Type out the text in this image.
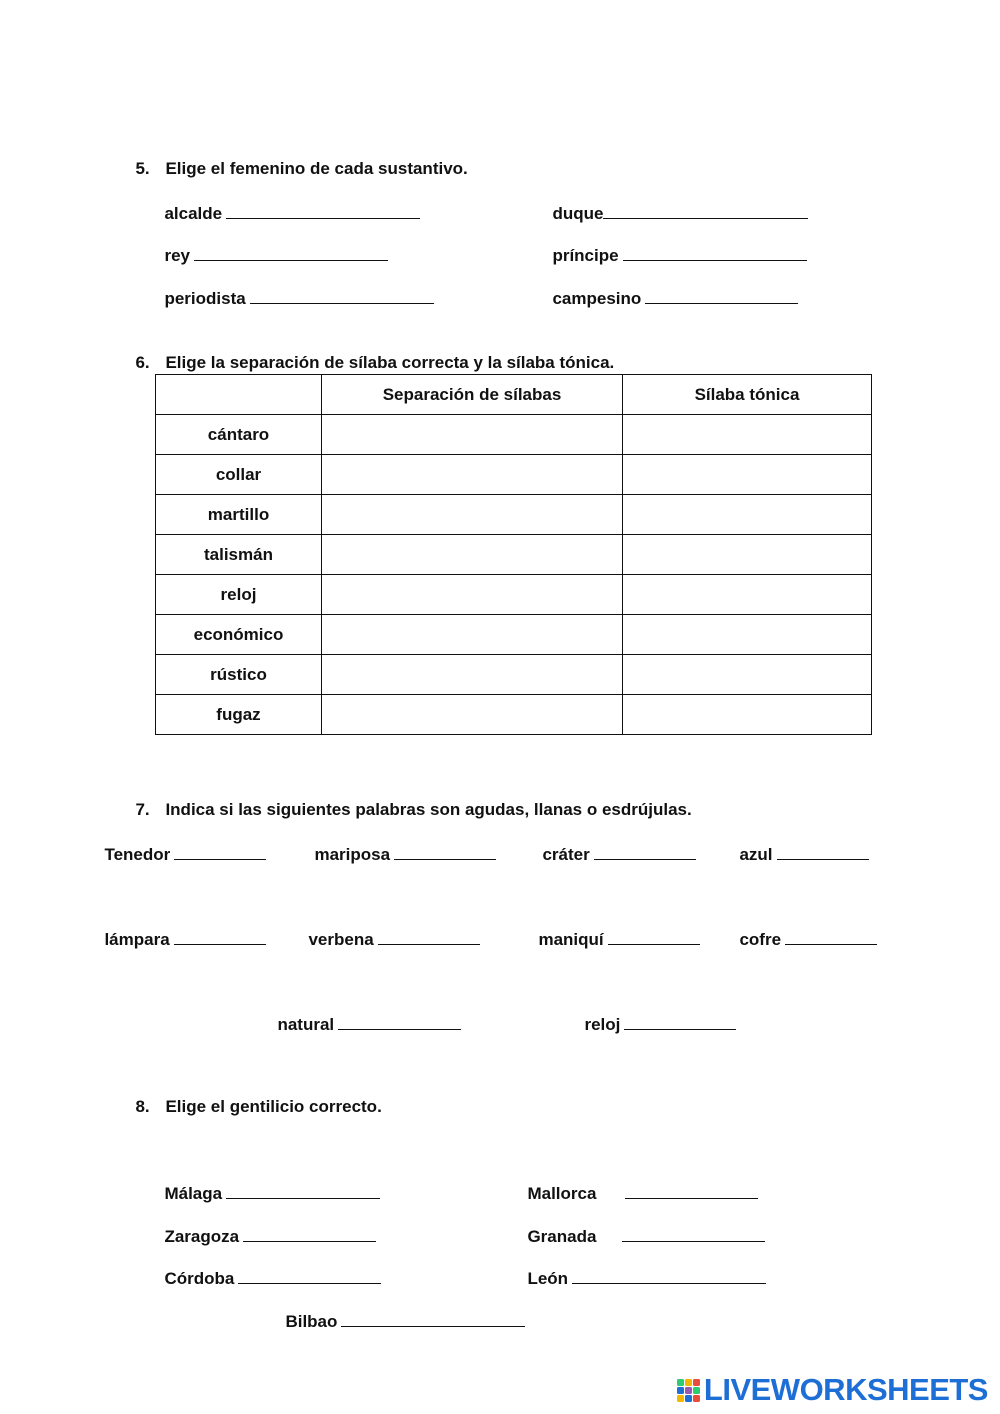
5. Elige el femenino de cada sustantivo.

alcalde

rey

periodista

duque

príncipe

campesino

6. Elige la separación de sílaba correcta y la sílaba tónica.

	Separación de sílabas	Sílaba tónica
cántaro		
collar		
martillo		
talismán		
reloj		
económico		
rústico		
fugaz		

7. Indica si las siguientes palabras son agudas, llanas o esdrújulas.

Tenedor	mariposa	cráter	azul

lámpara	verbena	maniquí	cofre

natural	reloj

8. Elige el gentilicio correcto.

Málaga

Zaragoza

Córdoba

Mallorca

Granada

León

Bilbao

LIVEWORKSHEETS
